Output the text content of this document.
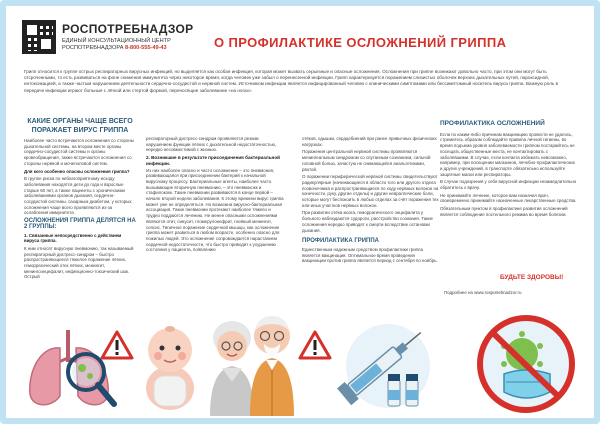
РОСПОТРЕБНАДЗОР
ЕДИНЫЙ КОНСУЛЬТАЦИОННЫЙ ЦЕНТР
РОСПОТРЕБНАДЗОРА 8-800-555-49-43	О ПРОФИЛАКТИКЕ ОСЛОЖНЕНИЙ ГРИППА
Грипп относится к группе острых респираторных вирусных инфекций, но выделяется как особая инфекция, которая может вызвать серьезные и опасные осложнения. Осложнения при гриппе возникают довольно часто, при этом они могут быть отсроченными, то есть развиваться на фоне снижения иммунитета через некоторое время, когда человек уже забыл о перенесенной инфекции. Грипп характеризуется поражением слизистых оболочек верхних дыхательных путей, пароксидной, интоксикацией, а также частым нарушением деятельности сердечно-сосудистой и нервной систем. Источником инфекции является инфицированный человек с клиническими симптомами или бессимптомный носитель вируса гриппа. Важную роль в передаче инфекции играют больные с лёгкой или стертой формой, переносящие заболевание «на ногах».
КАКИЕ ОРГАНЫ ЧАЩЕ ВСЕГО ПОРАЖАЕТ ВИРУС ГРИППА

Наиболее часто встречаются осложнения со стороны дыхательной системы, на втором месте органы сердечно-сосудистой системы и органы кровеобращения, также встречаются осложнения со стороны нервной и мочеполовой систем.

Для кого особенно опасны осложнения гриппа?

В группе риска по неблагоприятному исходу заболевания находятся дети до года и взрослые старше 60 лет, а также пациенты с хроническими заболеваниями органов дыхания, сердечно-сосудистой системы, сахарным диабетом, у которых осложнения чаще всего проявляются из-за ослабления иммунитета.

ОСЛОЖНЕНИЯ ГРИППА ДЕЛЯТСЯ НА 2 ГРУППЫ:

1. Связанные непосредственно с действием вируса гриппа.

К ним относят вирусную пневмонию, так называемый респираторный дистресс-синдром – быстро распространяющееся тяжелое поражение лёгких, геморрагический отек лёгких, менингит, менингоэнцефалит, инфекционно-токсический шок. Острый

респираторный дистресс-синдром проявляется резким нарушением функции лёгких с дыхательной недостаточностью, нередко несовместимой с жизнью.

2. Возникшие в результате присоединения бактериальной инфекции.

Из них наиболее опасно и часто осложнение – это пневмония, развивающаяся при присоединении бактерий к начальной вирусному процессу. Бактериальные агенты, наиболее часто вызывающие вторичную пневмонию, – это пневмококк и стафилококк. Такие пневмонии развиваются в конце первой – начале второй недели заболевания. К этому времени вирус гриппа может уже не определяться. Но возможна вирусно-бактериальная ассоциация. Такие пневмонии протекают наиболее тяжело и трудно поддаются лечению. Не менее опасными осложнениями являются отит, синусит, гломерулонефрит, гнойный менингит, сепсис. Типичное поражение сердечной мышцы, как осложнение гриппа может развиться в любом возрасте, особенно опасно для пожилых людей. Это осложнение сопровождается нарастанием сердечной недостаточности, что быстро приводит к ухудшению состояния у пациента, появлению

отёков, одышки, сердцебиений при ранее привычных физических нагрузках.

Поражения центральной нервной системы проявляются менингеальным синдромом со спутанным сознанием, сильной головной болью, зачастую не снимающейся анальгетиками, рвотой.

О поражении периферической нервной системы свидетельствуют радикулярные (начинающиеся в области того или другого отдела позвоночника и распространяющиеся по ходу нервных волокон на конечности, руку, другие отделы) и другие невралгические боли, которые могут беспокоить в любых отделах за счёт поражения тех или иных участков нервных волокон.

При развитии отёка мозга, геморрагического энцефалита у больного наблюдаются судороги, расстройство сознания. Такие осложнения нередко приводят к смерти вследствие остановки дыхания.

ПРОФИЛАКТИКА ГРИППА

Единственным надежным средством профилактики гриппа является вакцинация. Оптимальное время проведения вакцинации против гриппа является период с сентября по ноябрь.

ПРОФИЛАКТИКА ОСЛОЖНЕНИЙ

Если по каким-либо причинам вакцинацию провести не удалось, стремитесь образом соблюдайте правила личной гигиены, во время подъема уровня заболеваемости гриппом постарайтесь не посещать общественные места, не контактировать с заболевшими. В случае, если контакта избежать невозможно, например, при посещении магазинов, лечебно-профилактических и других учреждений, в транспорте обязательно используйте защитные маски или респираторы.

В случае подозрения у себя вирусной инфекции незамедлительно обратитесь к врачу.

Не принимайте лечение, которое вам назначил врач, своевременно принимайте назначенные лекарственные средства.

Обязательным пунктом в профилактике развития осложнений является соблюдение постельного режима во время болезни.

БУДЬТЕ ЗДОРОВЫ!
Подробнее на www.rospotrebnadzor.ru
